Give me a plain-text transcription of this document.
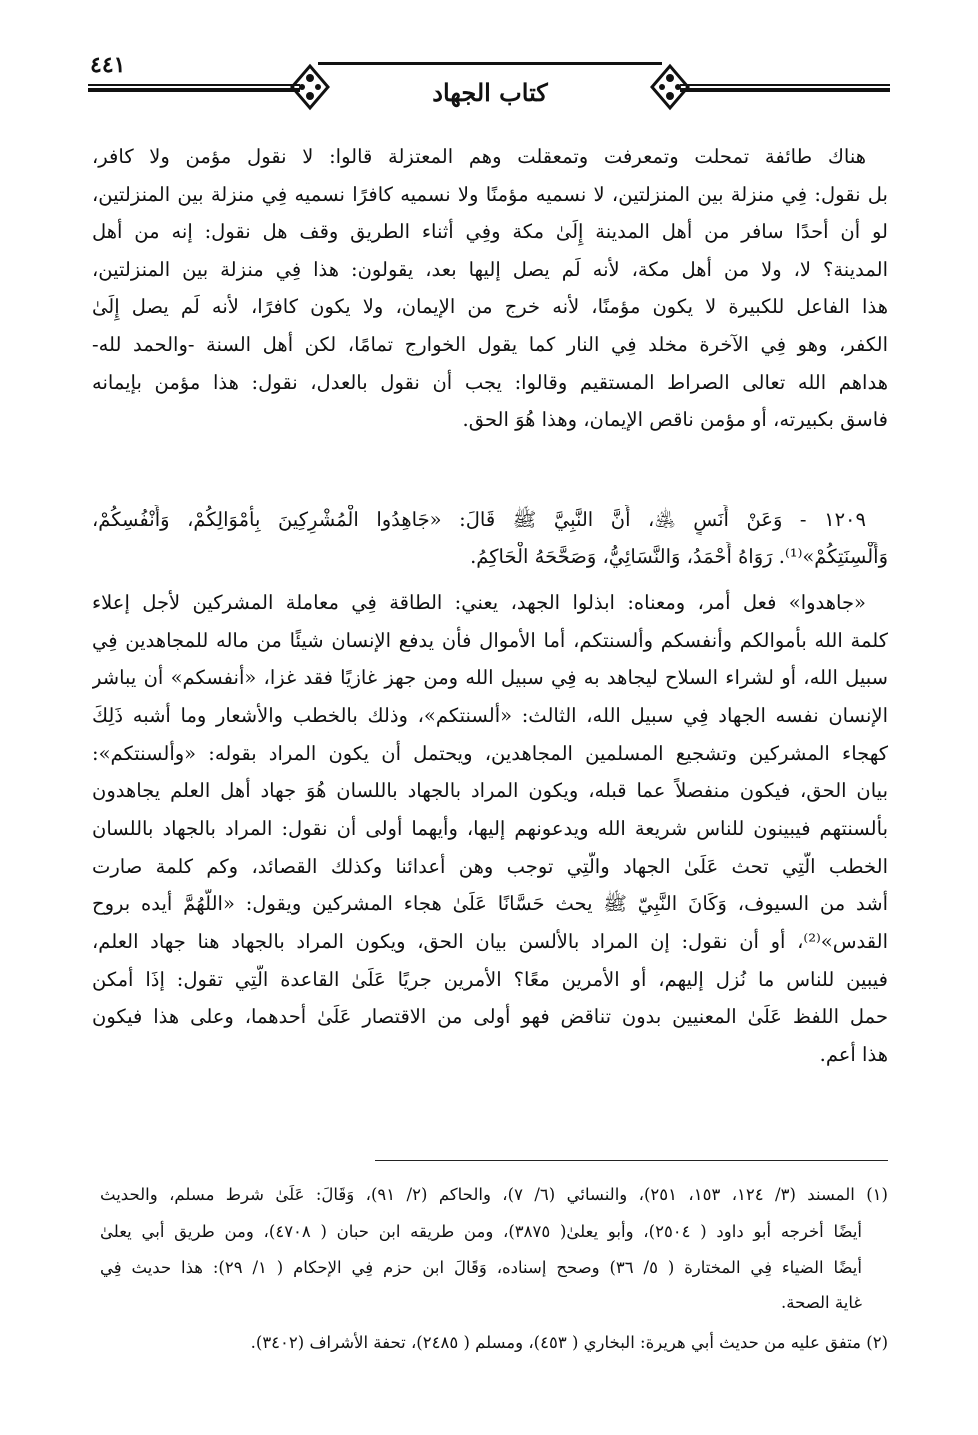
٤٤١
كتاب الجهاد
هناك طائفة تمحلت وتمعرفت وتمعقلت وهم المعتزلة قالوا: لا نقول مؤمن ولا كافر،
بل نقول: فِي منزلة بين المنزلتين، لا نسميه مؤمنًا ولا نسميه كافرًا نسميه فِي منزلة بين المنزلتين،
لو أن أحدًا سافر من أهل المدينة إِلَىٰ مكة وفِي أثناء الطريق وقف هل نقول: إنه من أهل
المدينة؟ لا، ولا من أهل مكة، لأنه لَم يصل إليها بعد، يقولون: هذا فِي منزلة بين المنزلتين،
هذا الفاعل للكبيرة لا يكون مؤمنًا، لأنه خرج من الإيمان، ولا يكون كافرًا، لأنه لَم يصل إِلَىٰ
الكفر، وهو فِي الآخرة مخلد فِي النار كما يقول الخوارج تمامًا، لكن أهل السنة -والحمد لله-
هداهم الله تعالى الصراط المستقيم وقالوا: يجب أن نقول بالعدل، نقول: هذا مؤمن بإيمانه
فاسق بكبيرته، أو مؤمن ناقص الإيمان، وهذا هُوَ الحق.
١٢٠٩ - وَعَنْ أَنَسٍ ﵁، أَنَّ النَّبِيَّ ﷺ قَالَ: «جَاهِدُوا الْمُشْرِكِينَ بِأَمْوَالِكُمْ، وَأَنْفُسِكُمْ،
وَأَلْسِنَتِكُمْ»⁽¹⁾. رَوَاهُ أَحْمَدُ، وَالنَّسَائِيُّ، وَصَحَّحَهُ الْحَاكِمُ.
«جاهدوا» فعل أمر، ومعناه: ابذلوا الجهد، يعني: الطاقة فِي معاملة المشركين لأجل إعلاء
كلمة الله بأموالكم وأنفسكم وألسنتكم، أما الأموال فأن يدفع الإنسان شيئًا من ماله للمجاهدين فِي
سبيل الله، أو لشراء السلاح ليجاهد به فِي سبيل الله ومن جهز غازيًا فقد غزا، «أنفسكم» أن يباشر
الإنسان نفسه الجهاد فِي سبيل الله، الثالث: «ألسنتكم»، وذلك بالخطب والأشعار وما أشبه ذَلِكَ
كهجاء المشركين وتشجيع المسلمين المجاهدين، ويحتمل أن يكون المراد بقوله: «وألسنتكم»:
بيان الحق، فيكون منفصلاً عما قبله، ويكون المراد بالجهاد باللسان هُوَ جهاد أهل العلم يجاهدون
بألسنتهم فيبينون للناس شريعة الله ويدعونهم إليها، وأيهما أولى أن نقول: المراد بالجهاد باللسان
الخطب الَّتِي تحث عَلَىٰ الجهاد والَّتِي توجب وهن أعدائنا وكذلك القصائد، وكم كلمة صارت
أشد من السيوف، وَكَانَ النَّبِيّ ﷺ يحث حَسَّانًا عَلَىٰ هجاء المشركين ويقول: «اللَّهُمَّ أيده بروح
القدس»⁽²⁾، أو أن نقول: إن المراد بالألسن بيان الحق، ويكون المراد بالجهاد هنا جهاد العلم،
فيبين للناس ما نُزل إليهم، أو الأمرين معًا؟ الأمرين جريًا عَلَىٰ القاعدة الَّتِي تقول: إذَا أمكن
حمل اللفظ عَلَىٰ المعنيين بدون تناقض فهو أولى من الاقتصار عَلَىٰ أحدهما، وعلى هذا فيكون
هذا أعم.
(١) المسند (٣/ ١٢٤، ١٥٣، ٢٥١)، والنسائي (٦/ ٧)، والحاكم (٢/ ٩١)، وَقَالَ: عَلَىٰ شرط مسلم، والحديث
أيضًا أخرجه أبو داود ( ٢٥٠٤)، وأبو يعلىٰ( ٣٨٧٥)، ومن طريقه ابن حبان ( ٤٧٠٨)، ومن طريق أبي يعلىٰ
أيضًا الضياء فِي المختارة ( ٥/ ٣٦) وصحح إسناده، وَقَالَ ابن حزم فِي الإحكام ( ١/ ٢٩): هذا حديث فِي
غاية الصحة.
(٢) متفق عليه من حديث أبي هريرة: البخاري ( ٤٥٣)، ومسلم ( ٢٤٨٥)، تحفة الأشراف (٣٤٠٢).
